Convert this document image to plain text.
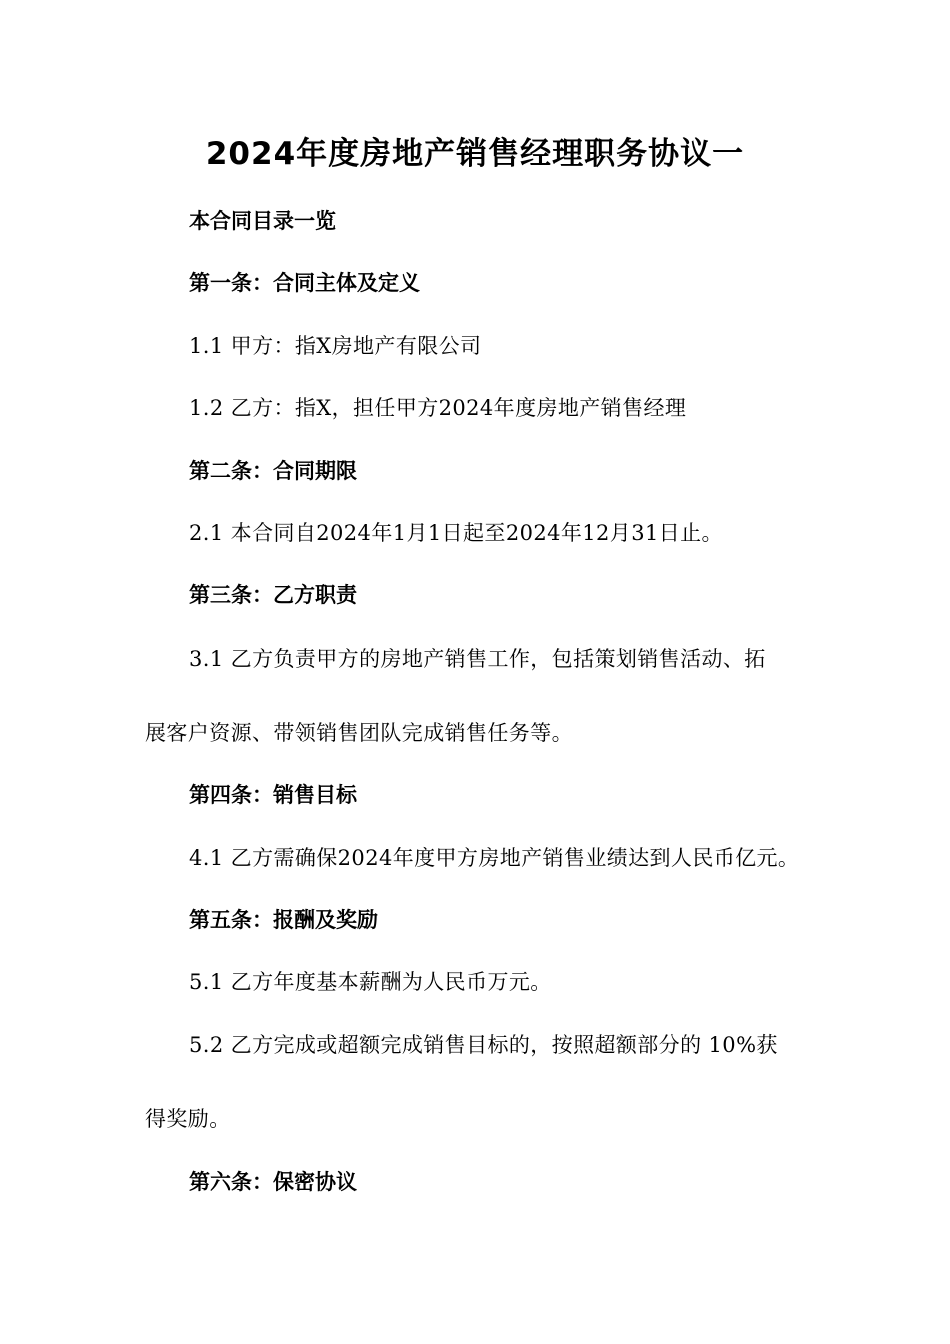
2024年度房地产销售经理职务协议一
本合同目录一览
第一条：合同主体及定义
1.1 甲方：指X房地产有限公司
1.2 乙方：指X，担任甲方2024年度房地产销售经理
第二条：合同期限
2.1 本合同自2024年1月1日起至2024年12月31日止。
第三条：乙方职责
3.1 乙方负责甲方的房地产销售工作，包括策划销售活动、拓
展客户资源、带领销售团队完成销售任务等。
第四条：销售目标
4.1 乙方需确保2024年度甲方房地产销售业绩达到人民币亿元。
第五条：报酬及奖励
5.1 乙方年度基本薪酬为人民币万元。
5.2 乙方完成或超额完成销售目标的，按照超额部分的 10%获
得奖励。
第六条：保密协议
